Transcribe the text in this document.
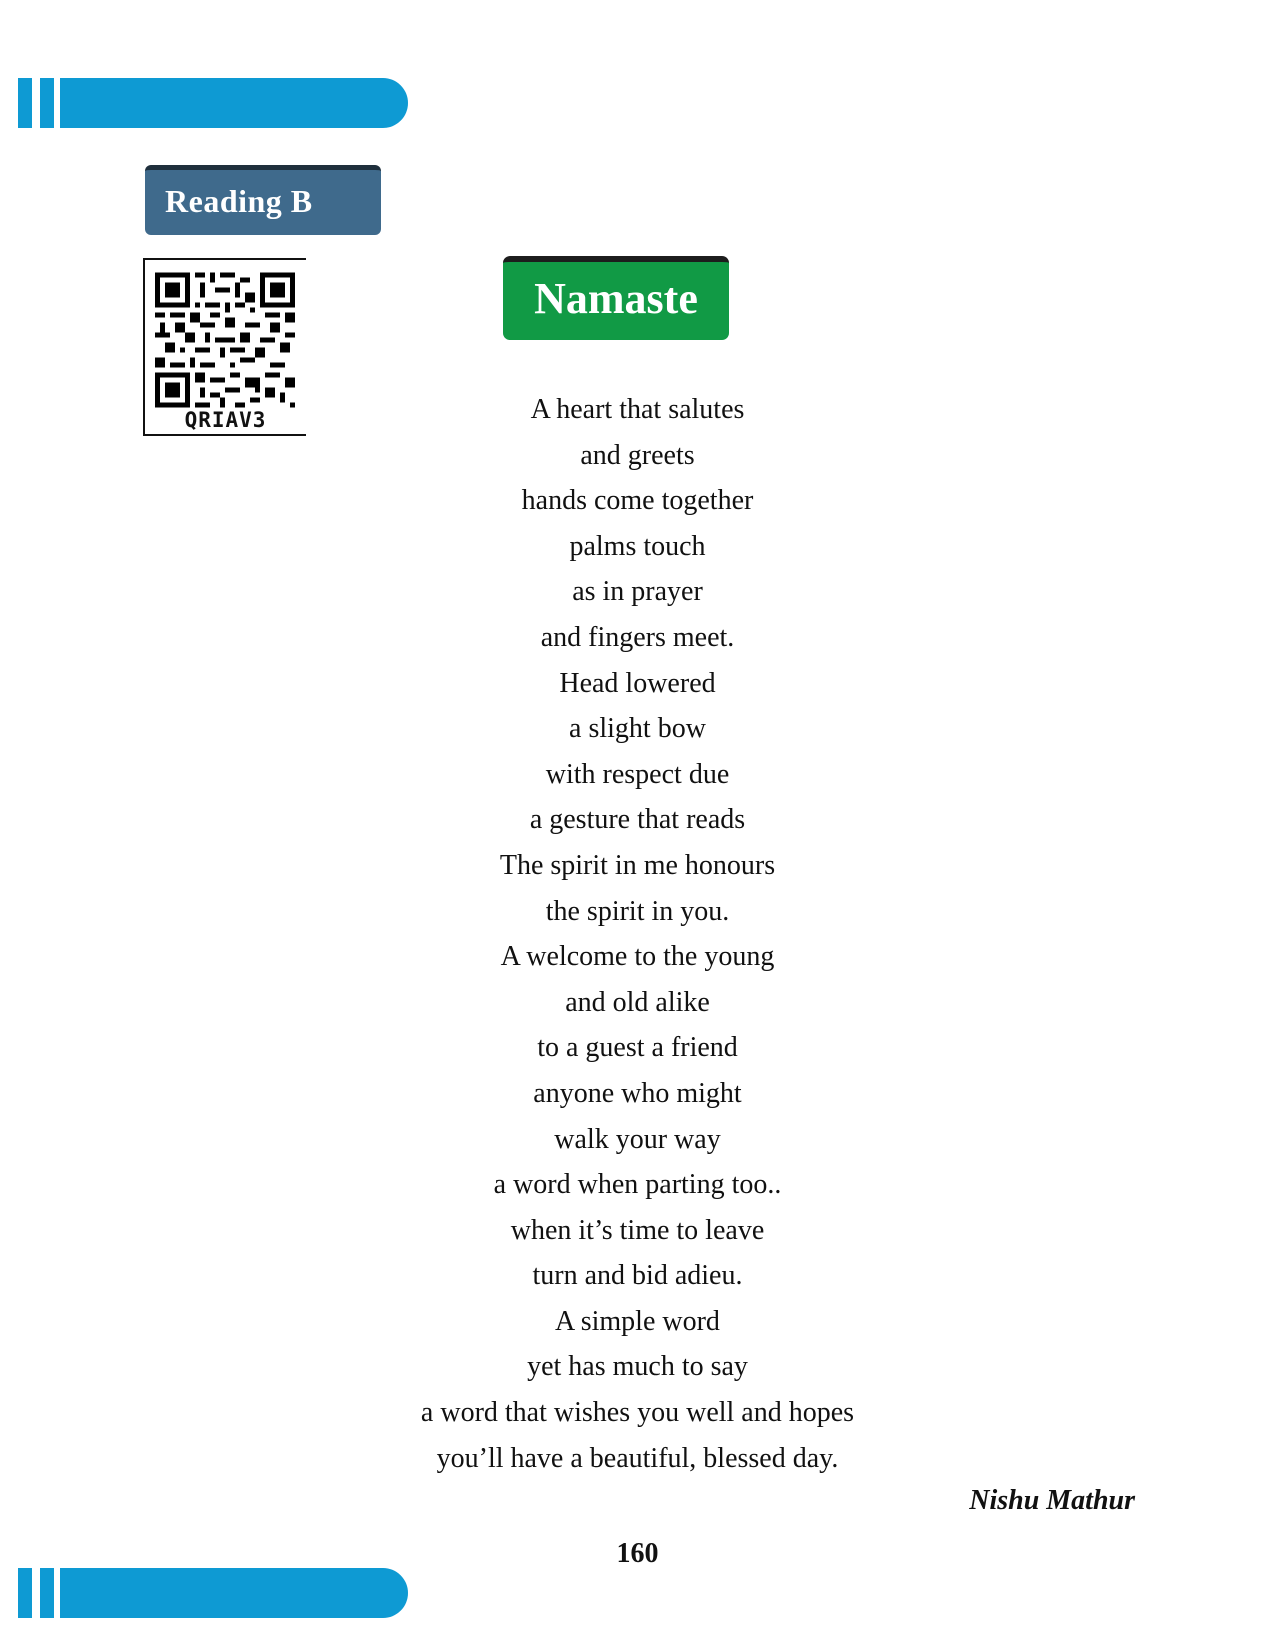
Reading B
QRIAV3
Namaste
A heart that salutes
and greets
hands come together
palms touch
as in prayer
and fingers meet.
Head lowered
a slight bow
with respect due
a gesture that reads
The spirit in me honours
the spirit in you.
A welcome to the young
and old alike
to a guest a friend
anyone who might
walk your way
a word when parting too..
when it’s time to leave
turn and bid adieu.
A simple word
yet has much to say
a word that wishes you well and hopes
you’ll have a beautiful, blessed day.
Nishu Mathur
160
